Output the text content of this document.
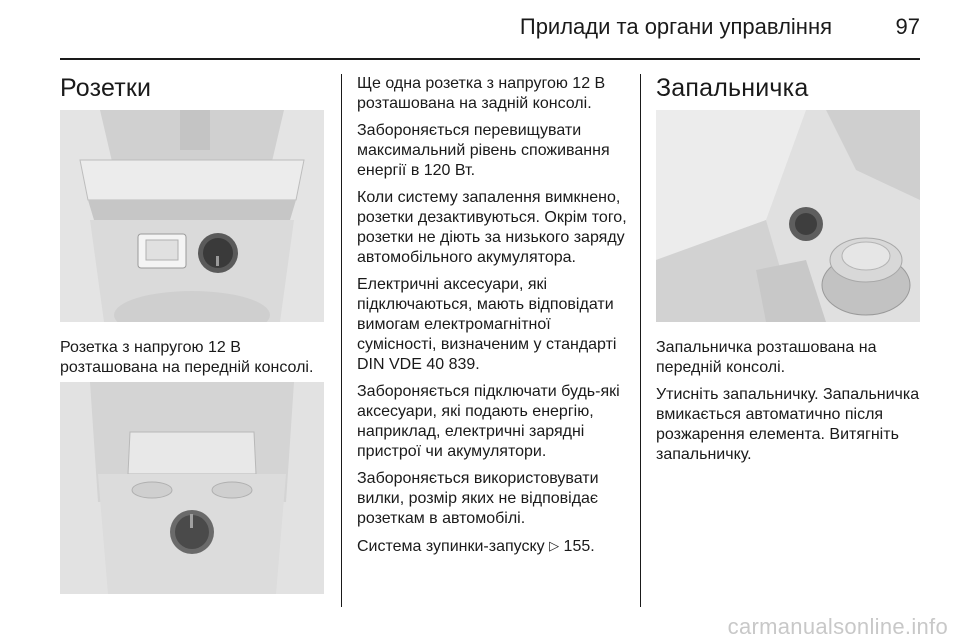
Прилади та органи управління	97
Розетки
Розетка з напругою 12 В розташована на передній консолі.

Ще одна розетка з напругою 12 В розташована на задній консолі.

Забороняється перевищувати максимальний рівень споживання енергії в 120 Вт.

Коли систему запалення вимкнено, розетки дезактивуються. Окрім того, розетки не діють за низького заряду автомобільного акумулятора.

Електричні аксесуари, які підключаються, мають відповідати вимогам електромагнітної сумісності, визначеним у стандарті DIN VDE 40 839.

Забороняється підключати будь-які аксесуари, які подають енергію, наприклад, електричні зарядні пристрої чи акумулятори.

Забороняється використовувати вилки, розмір яких не відповідає розеткам в автомобілі.

Система зупинки-запуску ▷ 155.

Запальничка

Запальничка розташована на передній консолі.

Утисніть запальничку. Запальничка вмикається автоматично після розжарення елемента. Витягніть запальничку.

carmanualsonline.info
